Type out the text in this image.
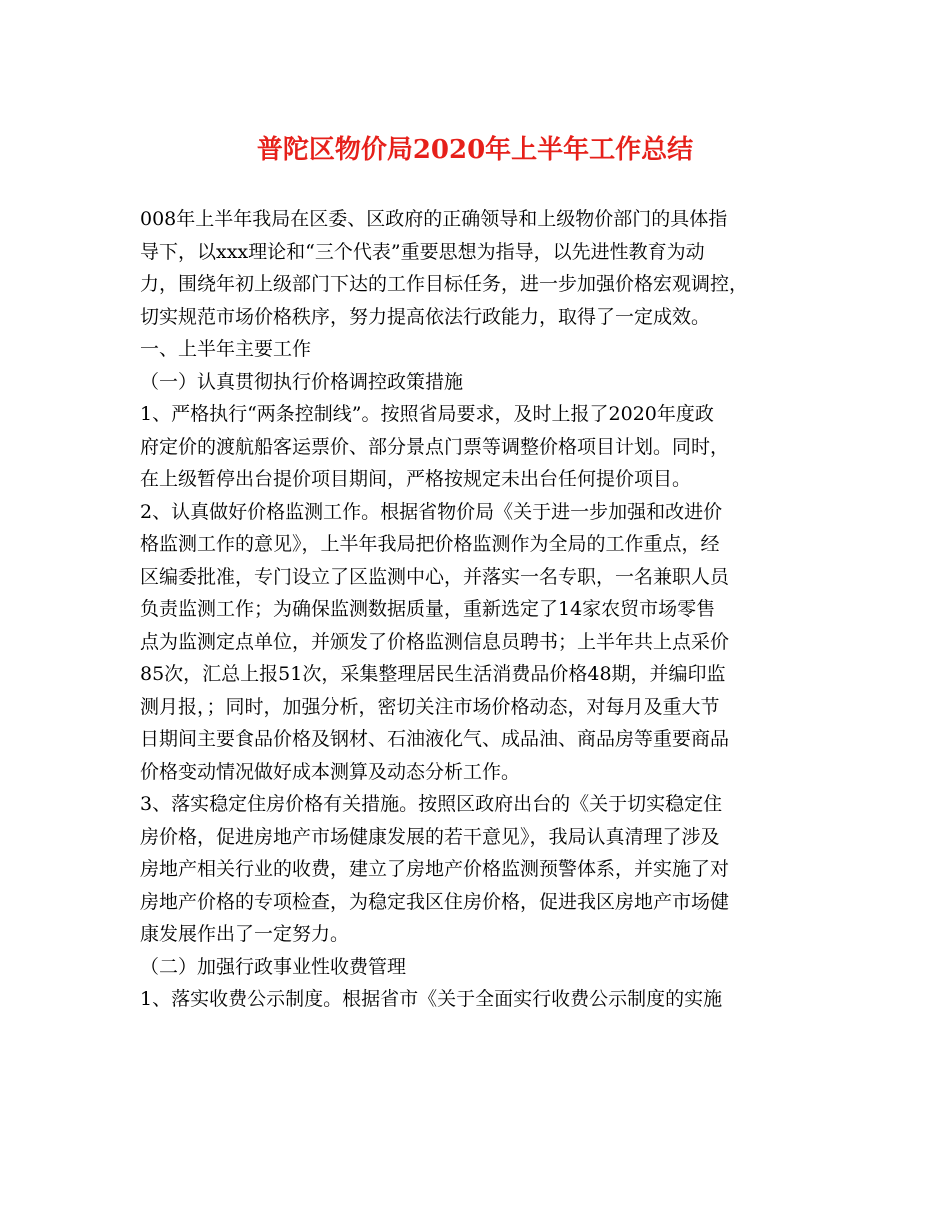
普陀区物价局2020年上半年工作总结
008年上半年我局在区委、区政府的正确领导和上级物价部门的具体指
导下，以xxx理论和“三个代表”重要思想为指导，以先进性教育为动
力，围绕年初上级部门下达的工作目标任务，进一步加强价格宏观调控，
切实规范市场价格秩序，努力提高依法行政能力，取得了一定成效。
一、上半年主要工作
（一）认真贯彻执行价格调控政策措施
1、严格执行“两条控制线”。按照省局要求，及时上报了2020年度政
府定价的渡航船客运票价、部分景点门票等调整价格项目计划。同时，
在上级暂停出台提价项目期间，严格按规定未出台任何提价项目。
2、认真做好价格监测工作。根据省物价局《关于进一步加强和改进价
格监测工作的意见》，上半年我局把价格监测作为全局的工作重点，经
区编委批准，专门设立了区监测中心，并落实一名专职，一名兼职人员
负责监测工作；为确保监测数据质量，重新选定了14家农贸市场零售
点为监测定点单位，并颁发了价格监测信息员聘书；上半年共上点采价
85次，汇总上报51次，采集整理居民生活消费品价格48期，并编印监
测月报，；同时，加强分析，密切关注市场价格动态，对每月及重大节
日期间主要食品价格及钢材、石油液化气、成品油、商品房等重要商品
价格变动情况做好成本测算及动态分析工作。
3、落实稳定住房价格有关措施。按照区政府出台的《关于切实稳定住
房价格，促进房地产市场健康发展的若干意见》，我局认真清理了涉及
房地产相关行业的收费，建立了房地产价格监测预警体系，并实施了对
房地产价格的专项检查，为稳定我区住房价格，促进我区房地产市场健
康发展作出了一定努力。
（二）加强行政事业性收费管理
1、落实收费公示制度。根据省市《关于全面实行收费公示制度的实施
